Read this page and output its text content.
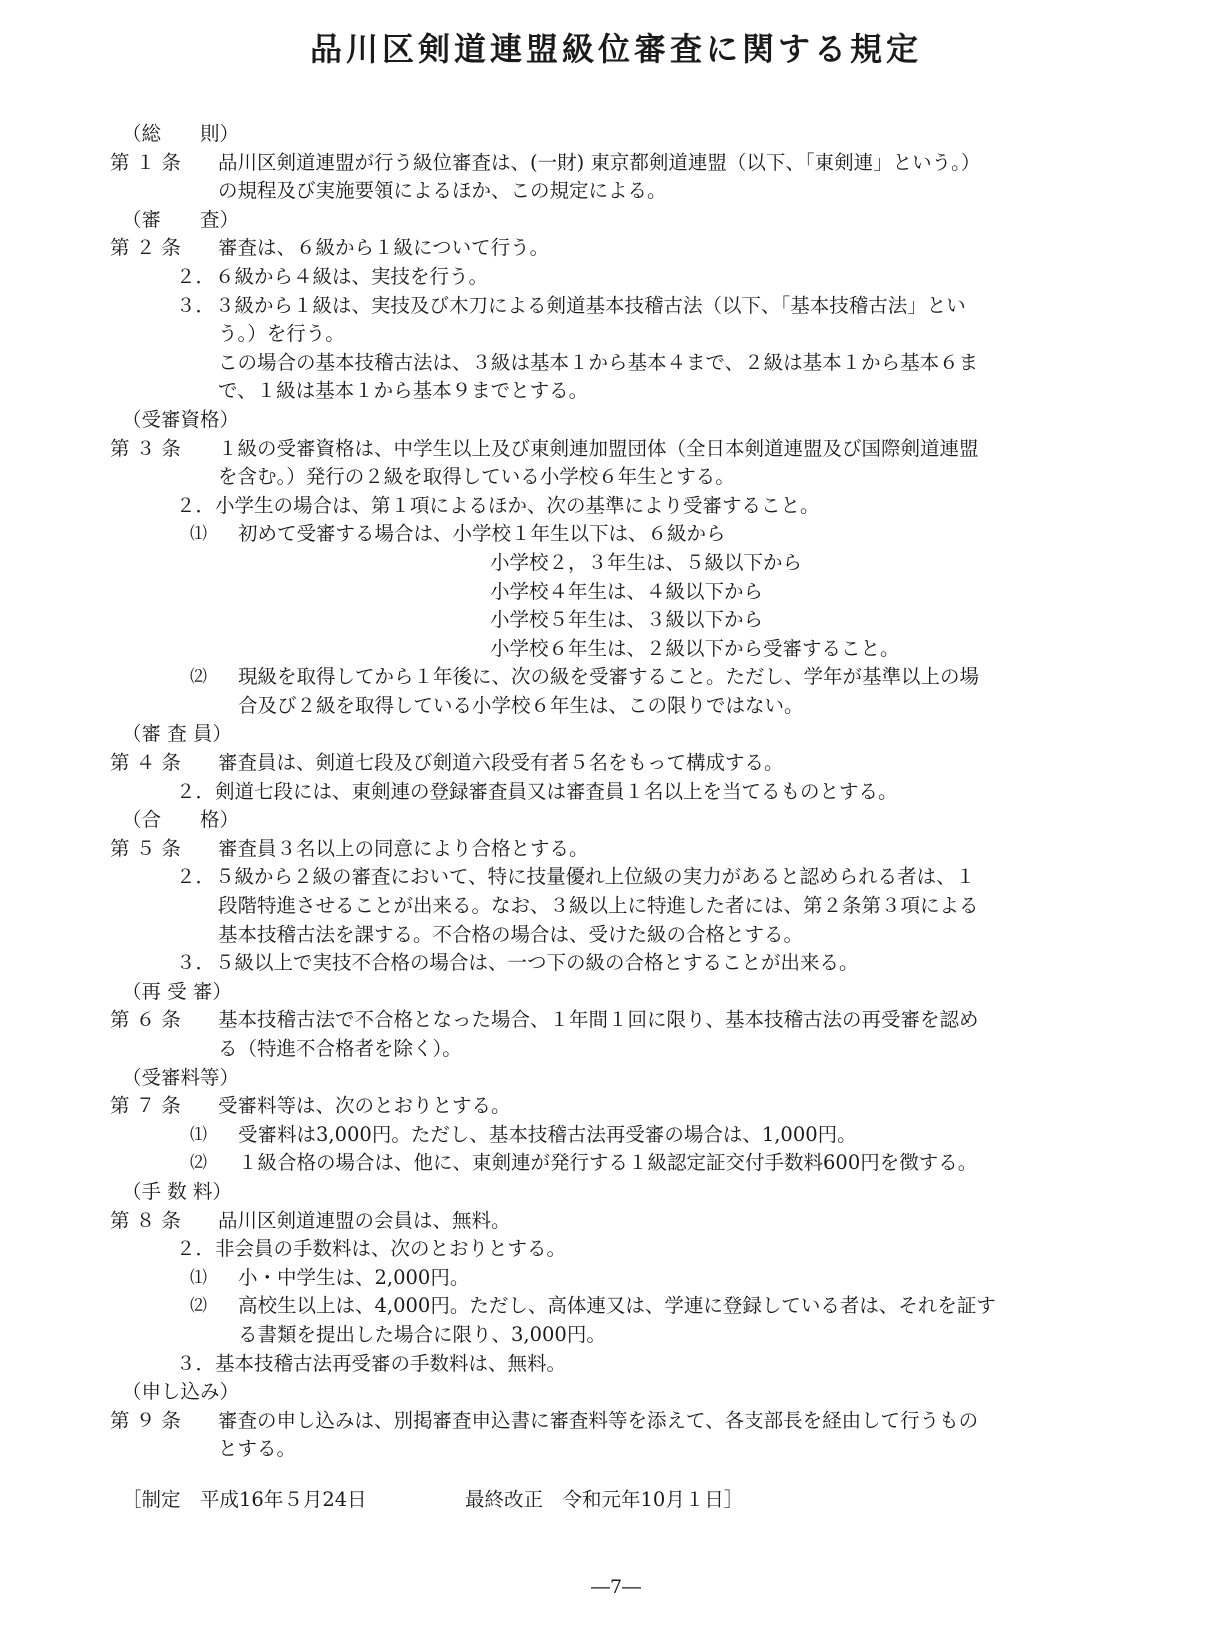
品川区剣道連盟級位審査に関する規定
（総　　則）
第 １ 条 品川区剣道連盟が行う級位審査は、(一財) 東京都剣道連盟（以下、「東剣連」という。）
の規程及び実施要領によるほか、この規定による。
（審　　査）
第 ２ 条 審査は、６級から１級について行う。
２．６級から４級は、実技を行う。
３．３級から１級は、実技及び木刀による剣道基本技稽古法（以下、「基本技稽古法」とい
う。）を行う。
この場合の基本技稽古法は、３級は基本１から基本４まで、２級は基本１から基本６ま
で、１級は基本１から基本９までとする。
（受審資格）
第 ３ 条 １級の受審資格は、中学生以上及び東剣連加盟団体（全日本剣道連盟及び国際剣道連盟
を含む。）発行の２級を取得している小学校６年生とする。
２．小学生の場合は、第１項によるほか、次の基準により受審すること。
⑴ 初めて受審する場合は、小学校１年生以下は、６級から
小学校２，３年生は、５級以下から
小学校４年生は、４級以下から
小学校５年生は、３級以下から
小学校６年生は、２級以下から受審すること。
⑵ 現級を取得してから１年後に、次の級を受審すること。ただし、学年が基準以上の場
合及び２級を取得している小学校６年生は、この限りではない。
（審 査 員）
第 ４ 条 審査員は、剣道七段及び剣道六段受有者５名をもって構成する。
２．剣道七段には、東剣連の登録審査員又は審査員１名以上を当てるものとする。
（合　　格）
第 ５ 条 審査員３名以上の同意により合格とする。
２．５級から２級の審査において、特に技量優れ上位級の実力があると認められる者は、１
段階特進させることが出来る。なお、３級以上に特進した者には、第２条第３項による
基本技稽古法を課する。不合格の場合は、受けた級の合格とする。
３．５級以上で実技不合格の場合は、一つ下の級の合格とすることが出来る。
（再 受 審）
第 ６ 条 基本技稽古法で不合格となった場合、１年間１回に限り、基本技稽古法の再受審を認め
る（特進不合格者を除く）。
（受審料等）
第 ７ 条 受審料等は、次のとおりとする。
⑴ 受審料は3,000円。ただし、基本技稽古法再受審の場合は、1,000円。
⑵ １級合格の場合は、他に、東剣連が発行する１級認定証交付手数料600円を徴する。
（手 数 料）
第 ８ 条 品川区剣道連盟の会員は、無料。
２．非会員の手数料は、次のとおりとする。
⑴ 小・中学生は、2,000円。
⑵ 高校生以上は、4,000円。ただし、高体連又は、学連に登録している者は、それを証す
る書類を提出した場合に限り、3,000円。
３．基本技稽古法再受審の手数料は、無料。
（申し込み）
第 ９ 条 審査の申し込みは、別掲審査申込書に審査料等を添えて、各支部長を経由して行うもの
とする。
［制定　平成16年５月24日	最終改正　令和元年10月１日］
―7―
